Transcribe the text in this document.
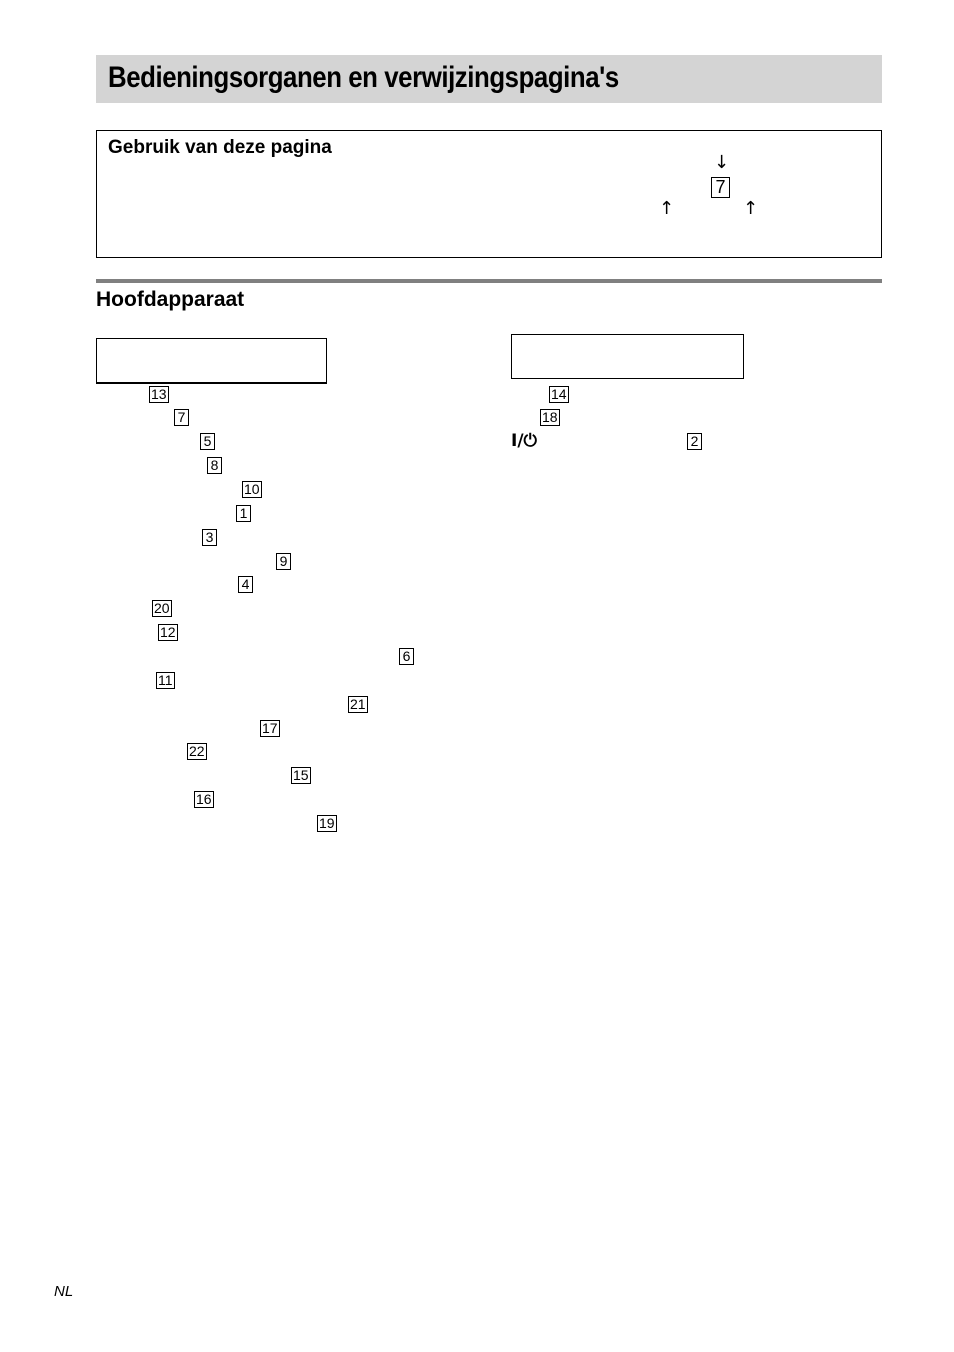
Bedieningsorganen en verwijzingspagina's
Gebruik van deze pagina
↓
7
↑	↑
Hoofdapparaat
13
7
5
8
10
1
3
9
4
20
12
6
11
21
17
22
15
16
19
14
18
I/⏻	2
NL
